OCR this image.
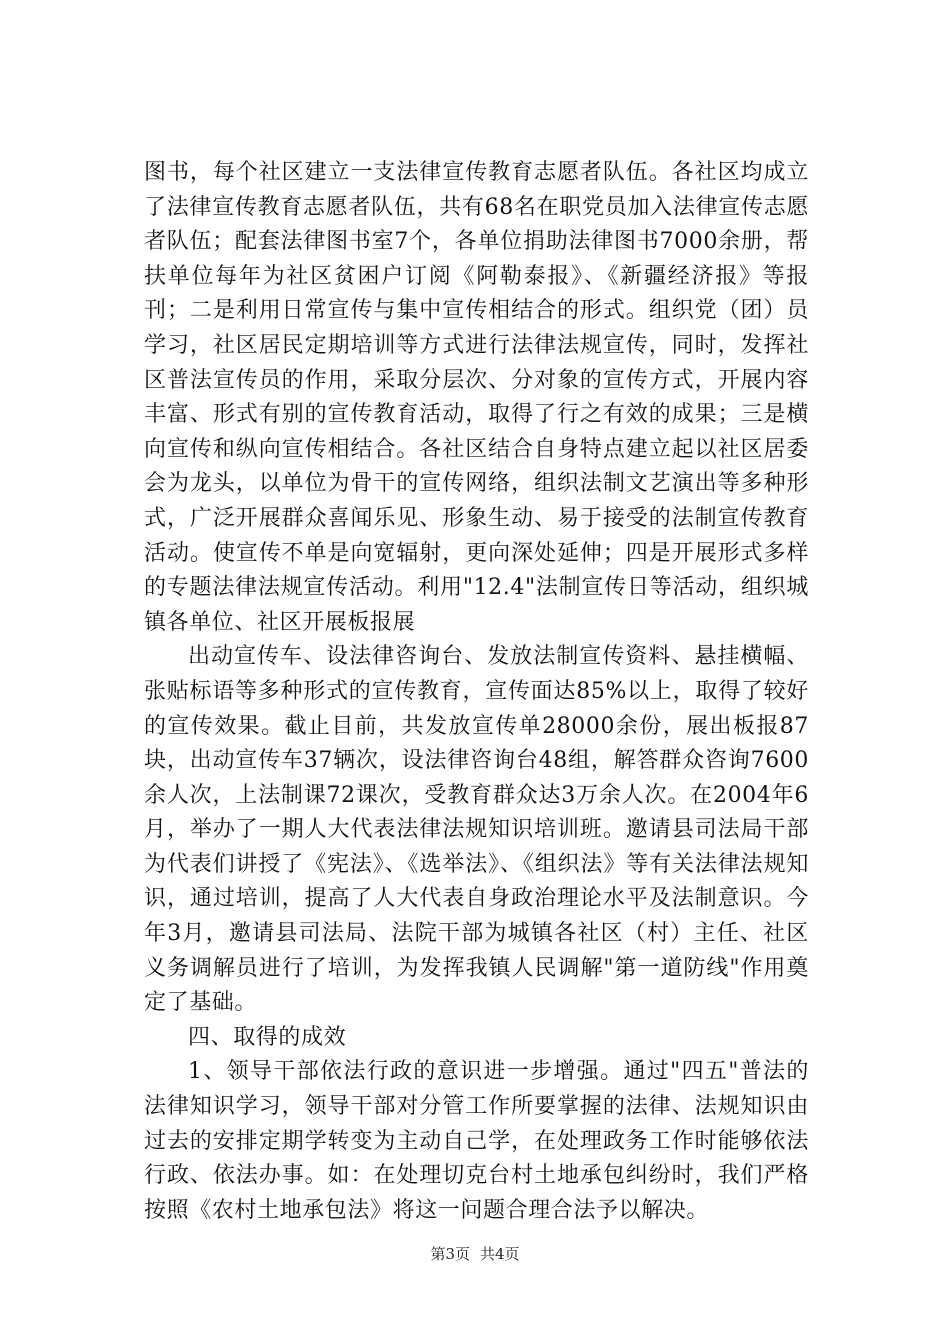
图书，每个社区建立一支法律宣传教育志愿者队伍。各社区均成立了法律宣传教育志愿者队伍，共有68名在职党员加入法律宣传志愿者队伍；配套法律图书室7个，各单位捐助法律图书7000余册，帮扶单位每年为社区贫困户订阅《阿勒泰报》、《新疆经济报》等报刊；二是利用日常宣传与集中宣传相结合的形式。组织党（团）员学习，社区居民定期培训等方式进行法律法规宣传，同时，发挥社区普法宣传员的作用，采取分层次、分对象的宣传方式，开展内容丰富、形式有别的宣传教育活动，取得了行之有效的成果；三是横向宣传和纵向宣传相结合。各社区结合自身特点建立起以社区居委会为龙头，以单位为骨干的宣传网络，组织法制文艺演出等多种形式，广泛开展群众喜闻乐见、形象生动、易于接受的法制宣传教育活动。使宣传不单是向宽辐射，更向深处延伸；四是开展形式多样的专题法律法规宣传活动。利用"12.4"法制宣传日等活动，组织城镇各单位、社区开展板报展

出动宣传车、设法律咨询台、发放法制宣传资料、悬挂横幅、张贴标语等多种形式的宣传教育，宣传面达85%以上，取得了较好的宣传效果。截止目前，共发放宣传单28000余份，展出板报87块，出动宣传车37辆次，设法律咨询台48组，解答群众咨询7600余人次，上法制课72课次，受教育群众达3万余人次。在2004年6月，举办了一期人大代表法律法规知识培训班。邀请县司法局干部为代表们讲授了《宪法》、《选举法》、《组织法》等有关法律法规知识，通过培训，提高了人大代表自身政治理论水平及法制意识。今年3月，邀请县司法局、法院干部为城镇各社区（村）主任、社区义务调解员进行了培训，为发挥我镇人民调解"第一道防线"作用奠定了基础。

四、取得的成效

1、领导干部依法行政的意识进一步增强。通过"四五"普法的法律知识学习，领导干部对分管工作所要掌握的法律、法规知识由过去的安排定期学转变为主动自己学，在处理政务工作时能够依法行政、依法办事。如：在处理切克台村土地承包纠纷时，我们严格按照《农村土地承包法》将这一问题合理合法予以解决。

第3页 共4页
